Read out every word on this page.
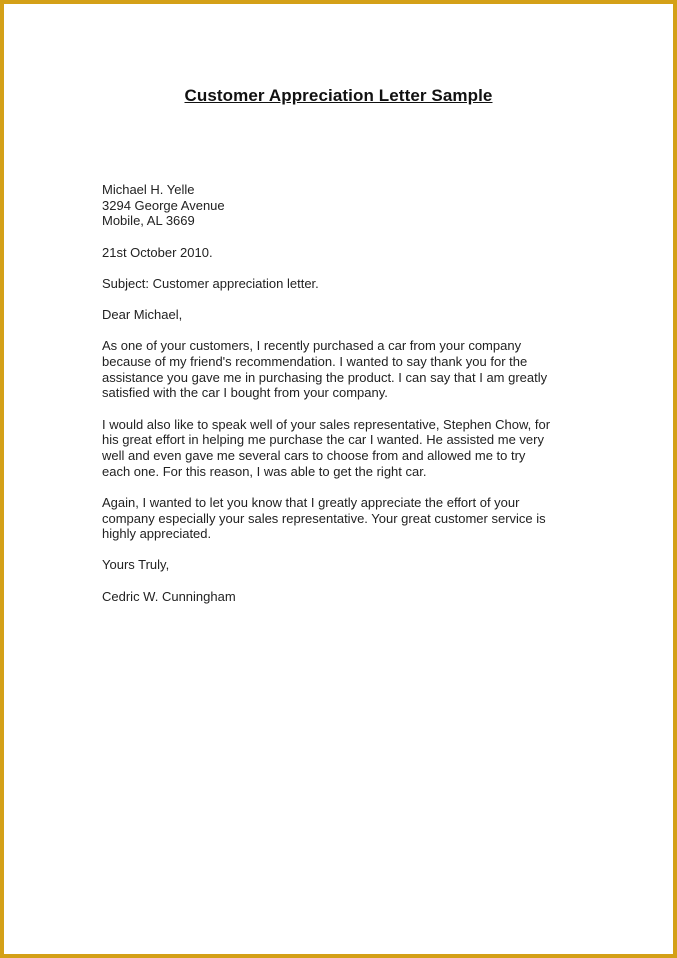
Customer Appreciation Letter Sample
Michael H. Yelle
3294 George Avenue
Mobile, AL 3669
21st October 2010.
Subject: Customer appreciation letter.
Dear Michael,
As one of your customers, I recently purchased a car from your company
because of my friend's recommendation. I wanted to say thank you for the
assistance you gave me in purchasing the product. I can say that I am greatly
satisfied with the car I bought from your company.
I would also like to speak well of your sales representative, Stephen Chow, for
his great effort in helping me purchase the car I wanted. He assisted me very
well and even gave me several cars to choose from and allowed me to try
each one. For this reason, I was able to get the right car.
Again, I wanted to let you know that I greatly appreciate the effort of your
company especially your sales representative. Your great customer service is
highly appreciated.
Yours Truly,
Cedric W. Cunningham
